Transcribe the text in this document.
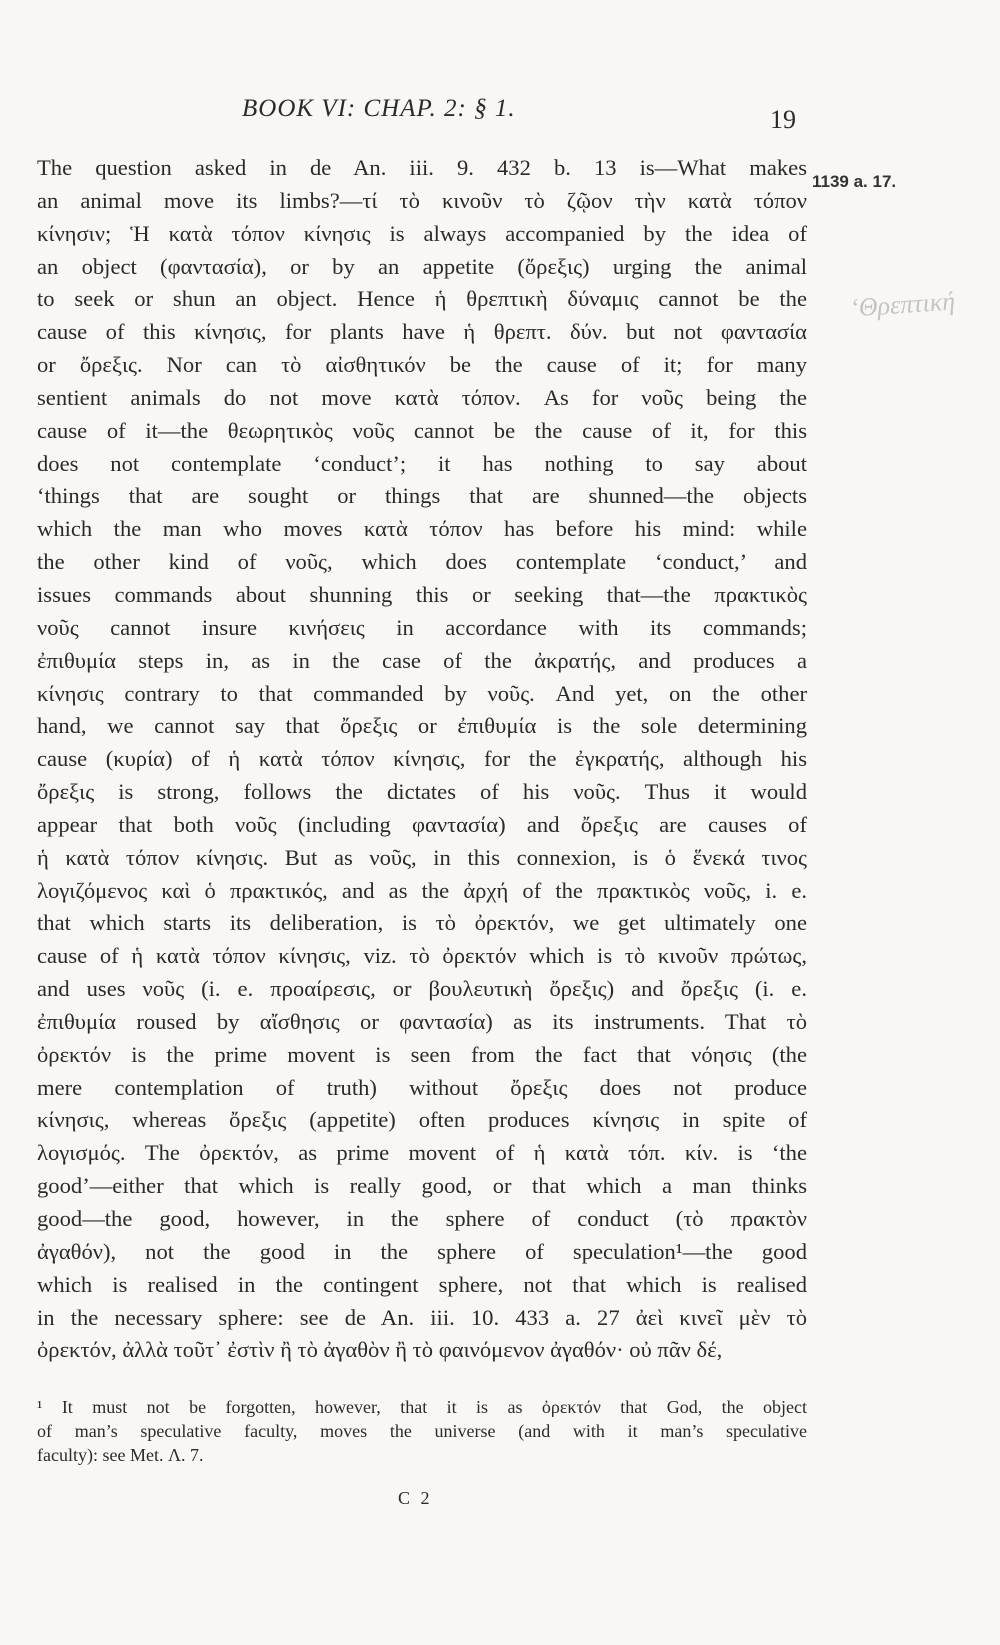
BOOK VI: CHAP. 2: § 1.	19
1139 a. 17.
‘Θρεπτική

The question asked in de An. iii. 9. 432 b. 13 is—What makes
an animal move its limbs?—τί τὸ κινοῦν τὸ ζῷον τὴν κατὰ τόπον
κίνησιν; Ἡ κατὰ τόπον κίνησις is always accompanied by the idea of
an object (φαντασία), or by an appetite (ὄρεξις) urging the animal
to seek or shun an object. Hence ἡ θρεπτικὴ δύναμις cannot be the
cause of this κίνησις, for plants have ἡ θρεπτ. δύν. but not φαντασία
or ὄρεξις. Nor can τὸ αἰσθητικόν be the cause of it; for many
sentient animals do not move κατὰ τόπον. As for νοῦς being the
cause of it—the θεωρητικὸς νοῦς cannot be the cause of it, for this
does not contemplate ‘conduct’; it has nothing to say about
‘things that are sought or things that are shunned—the objects
which the man who moves κατὰ τόπον has before his mind: while
the other kind of νοῦς, which does contemplate ‘conduct,’ and
issues commands about shunning this or seeking that—the πρακτικὸς
νοῦς cannot insure κινήσεις in accordance with its commands;
ἐπιθυμία steps in, as in the case of the ἀκρατής, and produces a
κίνησις contrary to that commanded by νοῦς. And yet, on the other
hand, we cannot say that ὄρεξις or ἐπιθυμία is the sole determining
cause (κυρία) of ἡ κατὰ τόπον κίνησις, for the ἐγκρατής, although his
ὄρεξις is strong, follows the dictates of his νοῦς. Thus it would
appear that both νοῦς (including φαντασία) and ὄρεξις are causes of
ἡ κατὰ τόπον κίνησις. But as νοῦς, in this connexion, is ὁ ἕνεκά τινος
λογιζόμενος καὶ ὁ πρακτικός, and as the ἀρχή of the πρακτικὸς νοῦς, i. e.
that which starts its deliberation, is τὸ ὀρεκτόν, we get ultimately one
cause of ἡ κατὰ τόπον κίνησις, viz. τὸ ὀρεκτόν which is τὸ κινοῦν πρώτως,
and uses νοῦς (i. e. προαίρεσις, or βουλευτικὴ ὄρεξις) and ὄρεξις (i. e.
ἐπιθυμία roused by αἴσθησις or φαντασία) as its instruments. That τὸ
ὀρεκτόν is the prime movent is seen from the fact that νόησις (the
mere contemplation of truth) without ὄρεξις does not produce
κίνησις, whereas ὄρεξις (appetite) often produces κίνησις in spite of
λογισμός. The ὀρεκτόν, as prime movent of ἡ κατὰ τόπ. κίν. is ‘the
good’—either that which is really good, or that which a man thinks
good—the good, however, in the sphere of conduct (τὸ πρακτὸν
ἀγαθόν), not the good in the sphere of speculation¹—the good
which is realised in the contingent sphere, not that which is realised
in the necessary sphere: see de An. iii. 10. 433 a. 27 ἀεὶ κινεῖ μὲν τὸ
ὀρεκτόν, ἀλλὰ τοῦτ᾽ ἐστὶν ἢ τὸ ἀγαθὸν ἢ τὸ φαινόμενον ἀγαθόν· οὐ πᾶν δέ,

¹ It must not be forgotten, however, that it is as ὀρεκτόν that God, the object
of man’s speculative faculty, moves the universe (and with it man’s speculative
faculty): see Met. Λ. 7.

C 2
